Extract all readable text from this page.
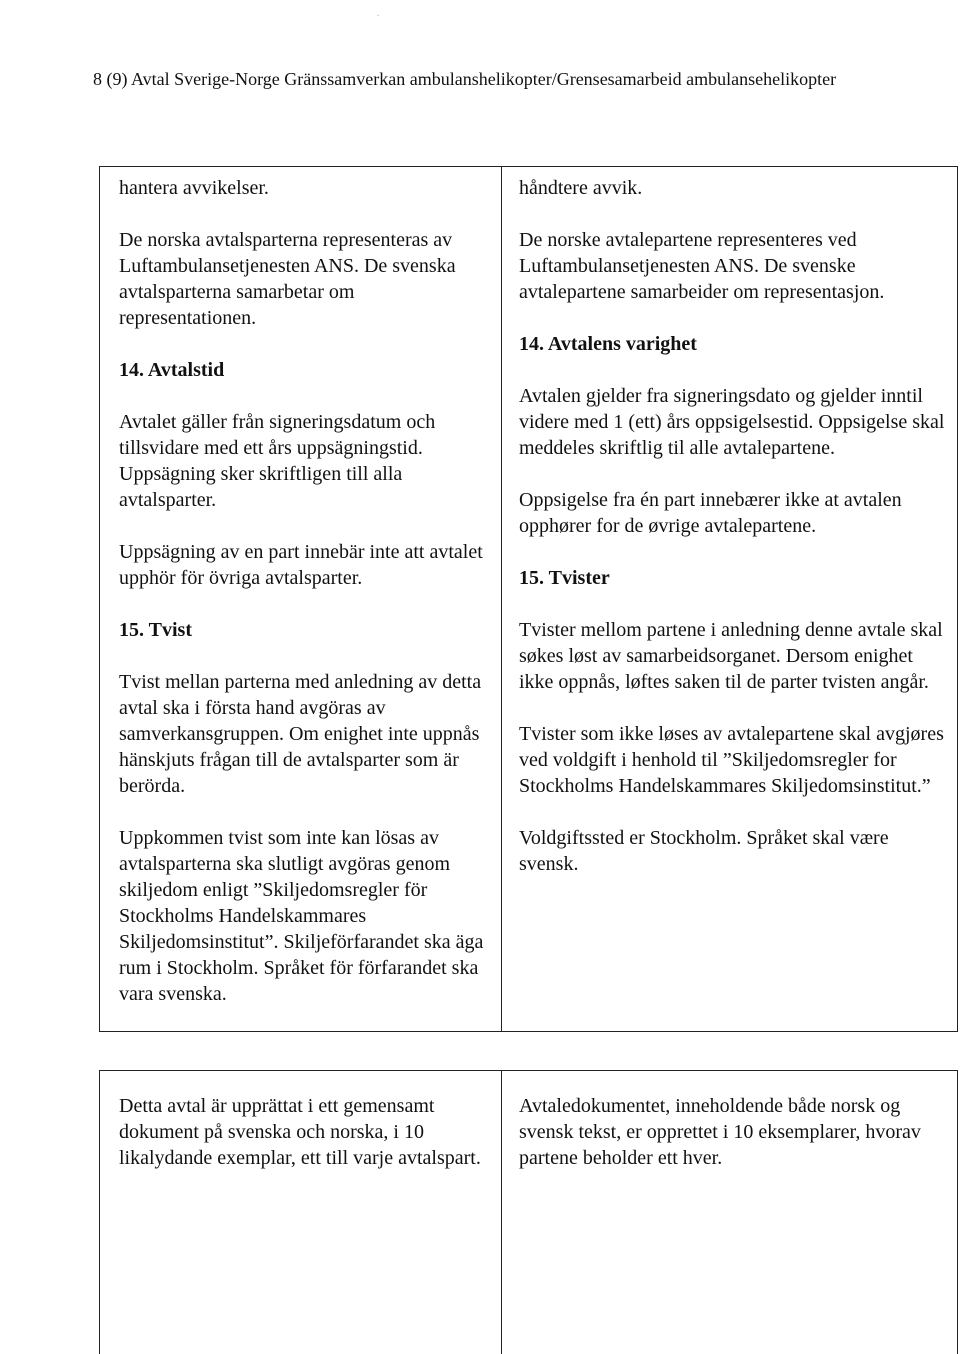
8 (9) Avtal Sverige-Norge Gränssamverkan ambulanshelikopter/Grensesamarbeid ambulansehelikopter
·

hantera avvikelser.

De norska avtalsparterna representeras av Luftambulansetjenesten ANS. De svenska avtalsparterna samarbetar om representationen.

14. Avtalstid

Avtalet gäller från signeringsdatum och tillsvidare med ett års uppsägningstid. Uppsägning sker skriftligen till alla avtalsparter.

Uppsägning av en part innebär inte att avtalet upphör för övriga avtalsparter.

15. Tvist

Tvist mellan parterna med anledning av detta avtal ska i första hand avgöras av samverkansgruppen. Om enighet inte uppnås hänskjuts frågan till de avtalsparter som är berörda.

Uppkommen tvist som inte kan lösas av avtalsparterna ska slutligt avgöras genom skiljedom enligt ”Skiljedomsregler för Stockholms Handelskammares Skiljedomsinstitut”. Skiljeförfarandet ska äga rum i Stockholm. Språket för förfarandet ska vara svenska.

håndtere avvik.

De norske avtalepartene representeres ved Luftambulansetjenesten ANS. De svenske avtalepartene samarbeider om representasjon.

14. Avtalens varighet

Avtalen gjelder fra signeringsdato og gjelder inntil videre med 1 (ett) års oppsigelsestid. Oppsigelse skal meddeles skriftlig til alle avtalepartene.

Oppsigelse fra én part innebærer ikke at avtalen opphører for de øvrige avtalepartene.

15. Tvister

Tvister mellom partene i anledning denne avtale skal søkes løst av samarbeidsorganet. Dersom enighet ikke oppnås, løftes saken til de parter tvisten angår.

Tvister som ikke løses av avtalepartene skal avgjøres ved voldgift i henhold til ”Skiljedomsregler for Stockholms Handelskammares Skiljedomsinstitut.”

Voldgiftssted er Stockholm. Språket skal være svensk.

Detta avtal är upprättat i ett gemensamt dokument på svenska och norska, i 10 likalydande exemplar, ett till varje avtalspart.

Avtaledokumentet, inneholdende både norsk og svensk tekst, er opprettet i 10 eksemplarer, hvorav partene beholder ett hver.
